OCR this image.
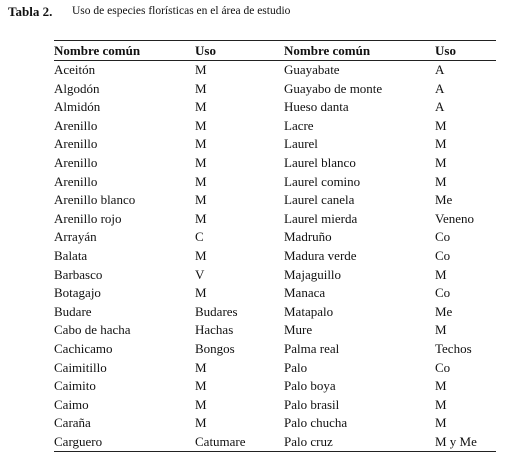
Tabla 2. Uso de especies florísticas en el área de estudio
Nombre común	Uso	Nombre común	Uso
Aceitón	M	Guayabate	A
Algodón	M	Guayabo de monte	A
Almidón	M	Hueso danta	A
Arenillo	M	Lacre	M
Arenillo	M	Laurel	M
Arenillo	M	Laurel blanco	M
Arenillo	M	Laurel comino	M
Arenillo blanco	M	Laurel canela	Me
Arenillo rojo	M	Laurel mierda	Veneno
Arrayán	C	Madruño	Co
Balata	M	Madura verde	Co
Barbasco	V	Majaguillo	M
Botagajo	M	Manaca	Co
Budare	Budares	Matapalo	Me
Cabo de hacha	Hachas	Mure	M
Cachicamo	Bongos	Palma real	Techos
Caimitillo	M	Palo	Co
Caimito	M	Palo boya	M
Caimo	M	Palo brasil	M
Caraña	M	Palo chucha	M
Carguero	Catumare	Palo cruz	M y Me
